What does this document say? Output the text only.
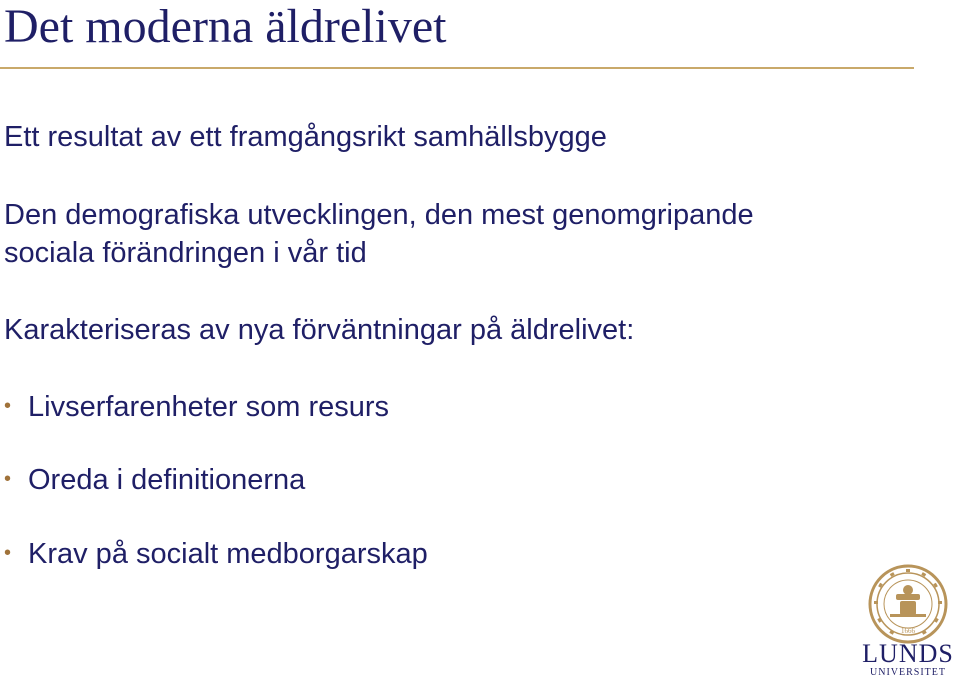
Det moderna äldrelivet
Ett resultat av ett framgångsrikt samhällsbygge
Den demografiska utvecklingen, den mest genomgripande
sociala förändringen i vår tid
Karakteriseras av nya förväntningar på äldrelivet:
• Livserfarenheter som resurs
• Oreda i definitionerna
• Krav på socialt medborgarskap
1666
LUNDS
UNIVERSITET
